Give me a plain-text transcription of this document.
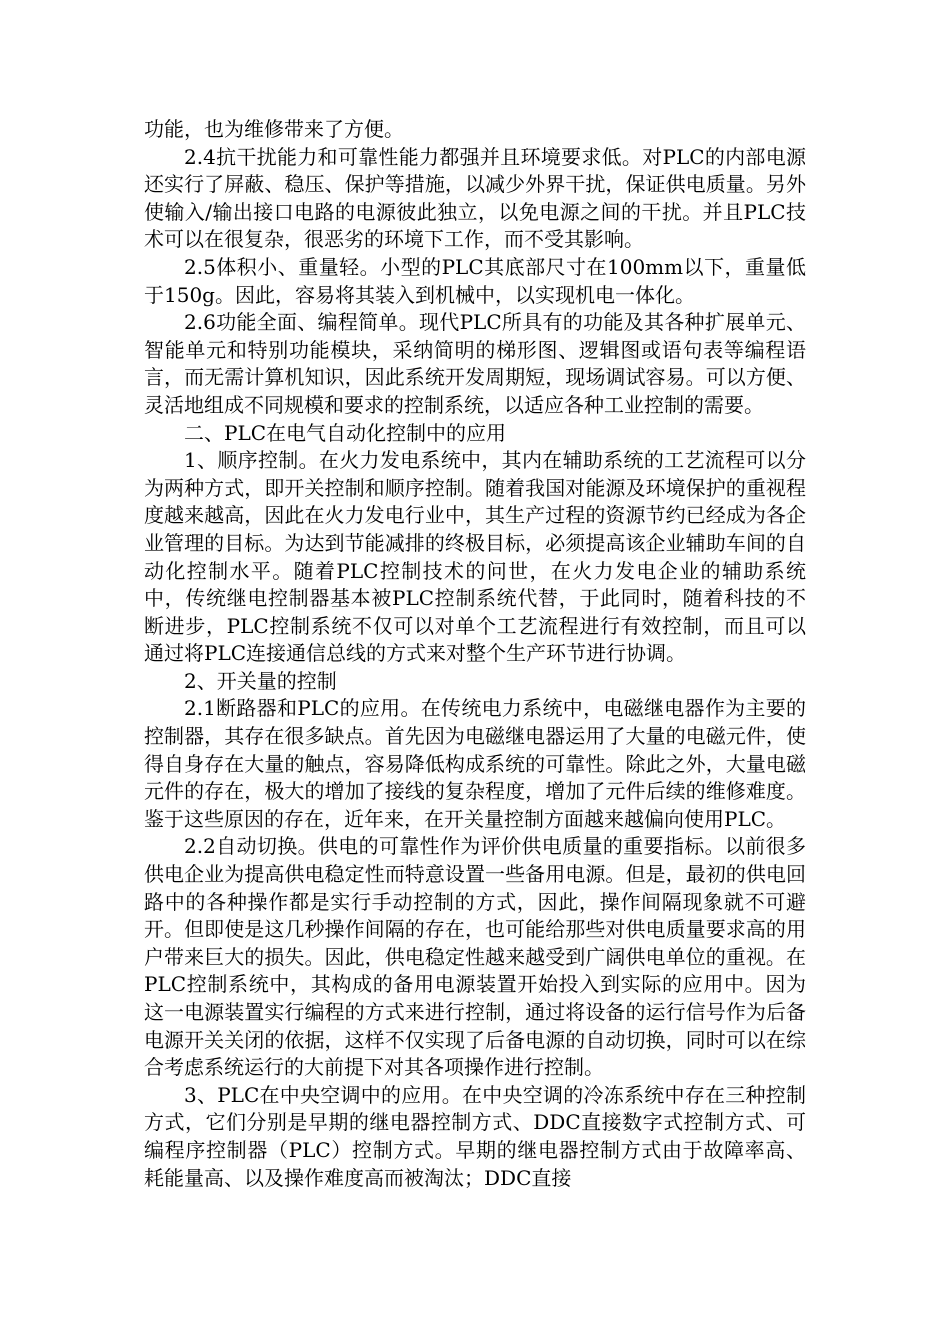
功能，也为维修带来了方便。

2.4抗干扰能力和可靠性能力都强并且环境要求低。对PLC的内部电源还实行了屏蔽、稳压、保护等措施，以减少外界干扰，保证供电质量。另外使输入/输出接口电路的电源彼此独立，以免电源之间的干扰。并且PLC技术可以在很复杂，很恶劣的环境下工作，而不受其影响。

2.5体积小、重量轻。小型的PLC其底部尺寸在100mm以下，重量低于150g。因此，容易将其装入到机械中，以实现机电一体化。

2.6功能全面、编程简单。现代PLC所具有的功能及其各种扩展单元、智能单元和特别功能模块，采纳简明的梯形图、逻辑图或语句表等编程语言，而无需计算机知识，因此系统开发周期短，现场调试容易。可以方便、灵活地组成不同规模和要求的控制系统，以适应各种工业控制的需要。

二、PLC在电气自动化控制中的应用

1、顺序控制。在火力发电系统中，其内在辅助系统的工艺流程可以分为两种方式，即开关控制和顺序控制。随着我国对能源及环境保护的重视程度越来越高，因此在火力发电行业中，其生产过程的资源节约已经成为各企业管理的目标。为达到节能减排的终极目标，必须提高该企业辅助车间的自动化控制水平。随着PLC控制技术的问世，在火力发电企业的辅助系统中，传统继电控制器基本被PLC控制系统代替，于此同时，随着科技的不断进步，PLC控制系统不仅可以对单个工艺流程进行有效控制，而且可以通过将PLC连接通信总线的方式来对整个生产环节进行协调。

2、开关量的控制

2.1断路器和PLC的应用。在传统电力系统中，电磁继电器作为主要的控制器，其存在很多缺点。首先因为电磁继电器运用了大量的电磁元件，使得自身存在大量的触点，容易降低构成系统的可靠性。除此之外，大量电磁元件的存在，极大的增加了接线的复杂程度，增加了元件后续的维修难度。鉴于这些原因的存在，近年来，在开关量控制方面越来越偏向使用PLC。

2.2自动切换。供电的可靠性作为评价供电质量的重要指标。以前很多供电企业为提高供电稳定性而特意设置一些备用电源。但是，最初的供电回路中的各种操作都是实行手动控制的方式，因此，操作间隔现象就不可避开。但即使是这几秒操作间隔的存在，也可能给那些对供电质量要求高的用户带来巨大的损失。因此，供电稳定性越来越受到广阔供电单位的重视。在PLC控制系统中，其构成的备用电源装置开始投入到实际的应用中。因为这一电源装置实行编程的方式来进行控制，通过将设备的运行信号作为后备电源开关关闭的依据，这样不仅实现了后备电源的自动切换，同时可以在综合考虑系统运行的大前提下对其各项操作进行控制。

3、PLC在中央空调中的应用。在中央空调的冷冻系统中存在三种控制方式，它们分别是早期的继电器控制方式、DDC直接数字式控制方式、可编程序控制器（PLC）控制方式。早期的继电器控制方式由于故障率高、耗能量高、以及操作难度高而被淘汰；DDC直接
